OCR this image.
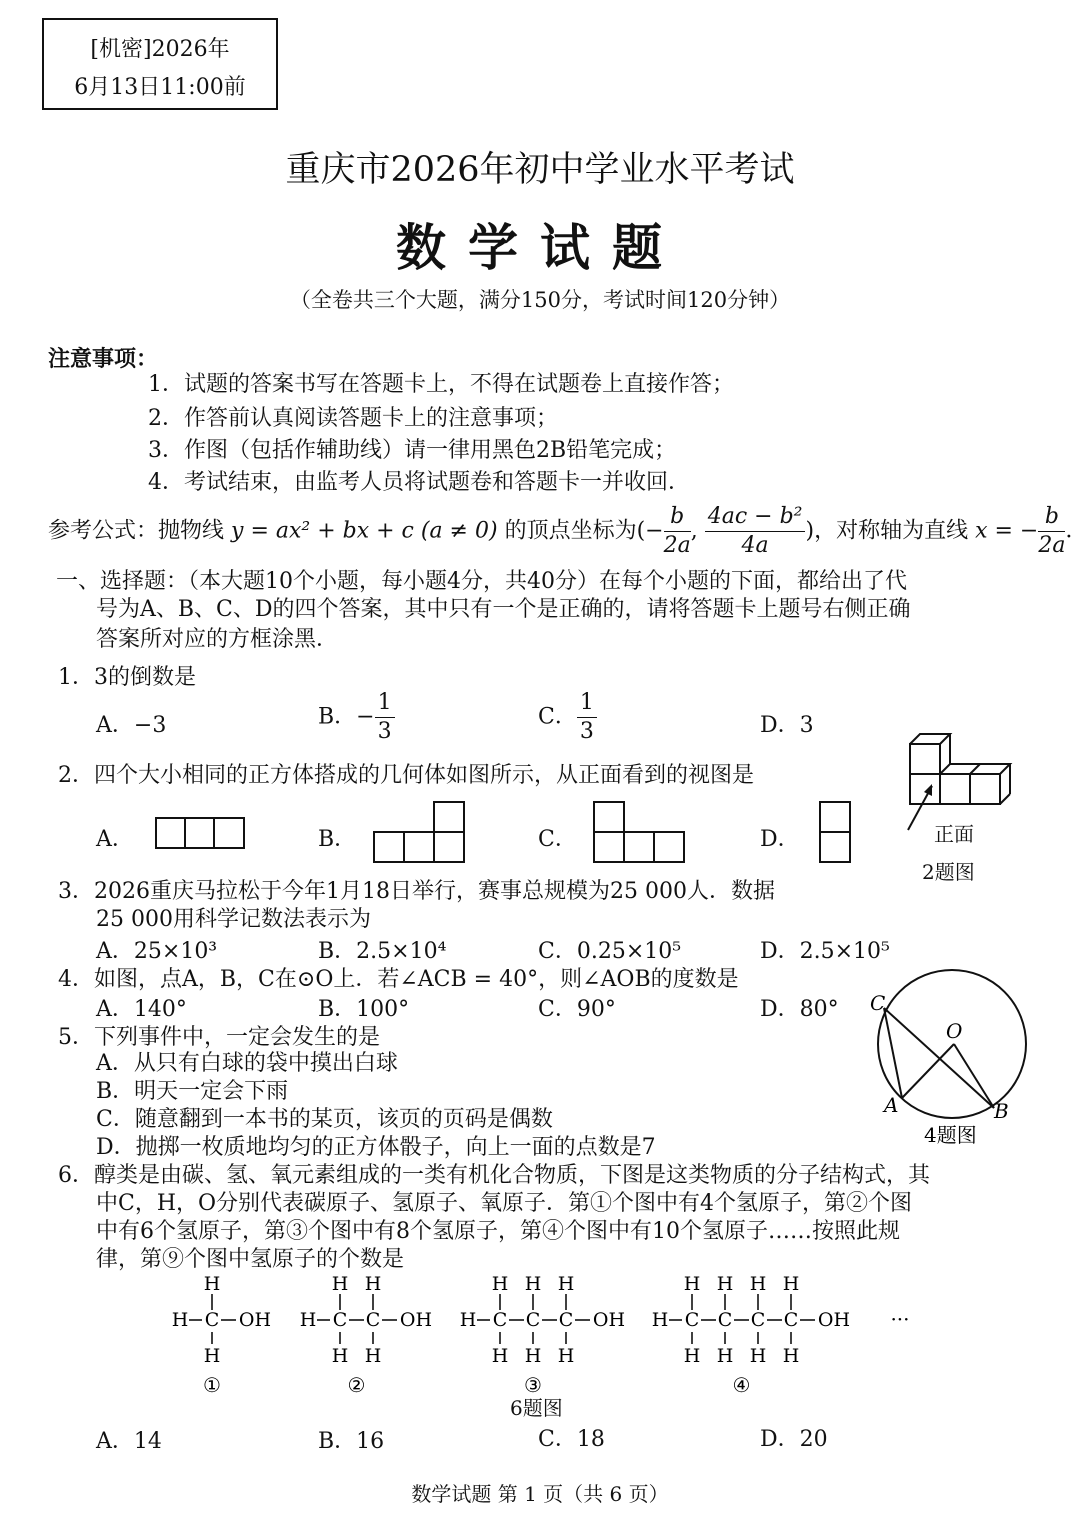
[机密]2026年
6月13日11:00前
重庆市2026年初中学业水平考试
数学试题
（全卷共三个大题，满分150分，考试时间120分钟）
注意事项：
1．试题的答案书写在答题卡上，不得在试题卷上直接作答；
2．作答前认真阅读答题卡上的注意事项；
3．作图（包括作辅助线）请一律用黑色2B铅笔完成；
4．考试结束，由监考人员将试题卷和答题卡一并收回．
参考公式：抛物线 y = ax² + bx + c (a ≠ 0) 的顶点坐标为(− $\frac{b}{2a}$ , $\frac{\text{4ac − b²}}{4a}$ )，对称轴为直线 x = − $\frac{b}{2a}$ ．
一、选择题：（本大题10个小题，每小题4分，共40分）在每个小题的下面，都给出了代
号为A、B、C、D的四个答案，其中只有一个是正确的，请将答题卡上题号右侧正确
答案所对应的方框涂黑．
1．3的倒数是
A．−3	B．− $\frac{1}{3}$	C． $\frac{1}{3}$	D．3
2．四个大小相同的正方体搭成的几何体如图所示，从正面看到的视图是
A．	B．	C．	D．	正面
2题图
3．2026重庆马拉松于今年1月18日举行，赛事总规模为25 000人．数据
25 000用科学记数法表示为
A．25×10³	B．2.5×10⁴	C．0.25×10⁵	D．2.5×10⁵
4．如图，点A，B，C在⊙O上．若∠ACB = 40°，则∠AOB的度数是
A．140°	B．100°	C．90°	D．80° C
O
A	B
4题图
5．下列事件中，一定会发生的是
A．从只有白球的袋中摸出白球
B．明天一定会下雨
C．随意翻到一本书的某页，该页的页码是偶数
D．抛掷一枚质地均匀的正方体骰子，向上一面的点数是7
6．醇类是由碳、氢、氧元素组成的一类有机化合物质，下图是这类物质的分子结构式，其
中C，H，O分别代表碳原子、氢原子、氧原子．第①个图中有4个氢原子，第②个图
中有6个氢原子，第③个图中有8个氢原子，第④个图中有10个氢原子……按照此规
律，第⑨个图中氢原子的个数是
H C
H
H
OH
①
H C
H
H
C
H
H
OH
②
H C
H
H
C
H
H
C
H
H
OH
③
H C
H
H
C
H
H
C
H
H
C
H
H
OH
④
···
6题图
A．14	B．16	C．18	D．20
数学试题 第 1 页（共 6 页）
